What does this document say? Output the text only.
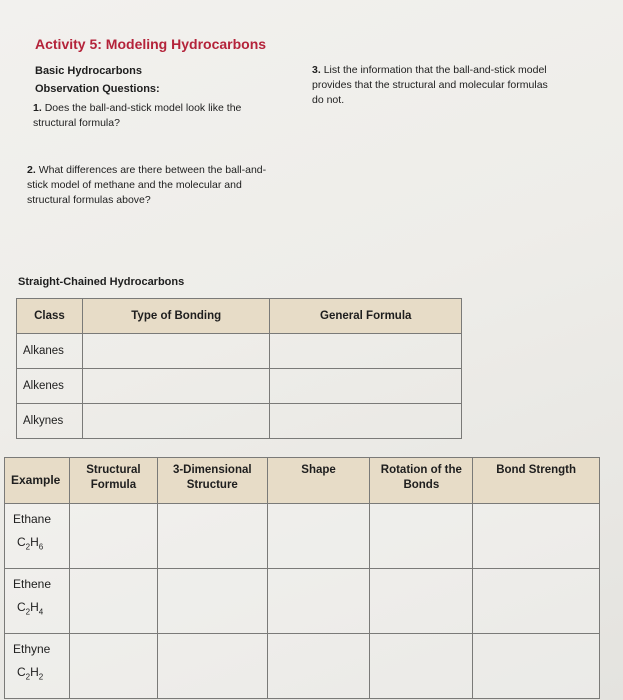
Activity 5: Modeling Hydrocarbons
Basic Hydrocarbons
Observation Questions:
1. Does the ball-and-stick model look like the structural formula?
2. What differences are there between the ball-and-stick model of methane and the molecular and structural formulas above?
3. List the information that the ball-and-stick model provides that the structural and molecular formulas do not.
Straight-Chained Hydrocarbons
Class	Type of Bonding	General Formula
Alkanes		
Alkenes		
Alkynes		
Example	Structural Formula	3-Dimensional Structure	Shape	Rotation of the Bonds	Bond Strength

Ethane
$C_2H_6$

Ethene
$C_2H_4$

Ethyne
$C_2H_2$
